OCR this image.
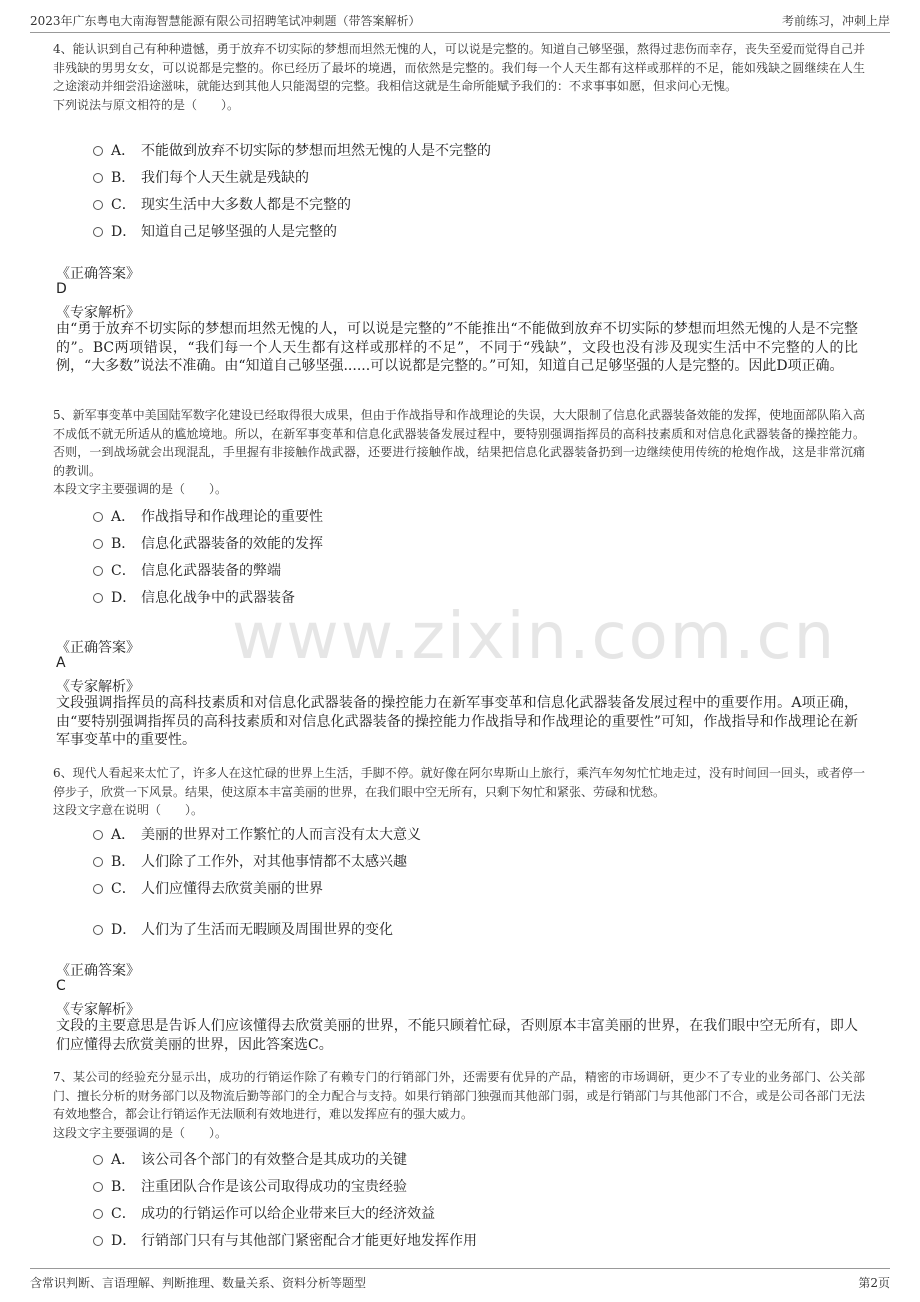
2023年广东粤电大南海智慧能源有限公司招聘笔试冲刺题（带答案解析）	考前练习，冲刺上岸
www.zixin.com.cn

4、能认识到自己有种种遗憾，勇于放弃不切实际的梦想而坦然无愧的人，可以说是完整的。知道自己够坚强，熬得过悲伤而幸存，丧失至爱而觉得自己并非残缺的男男女女，可以说都是完整的。你已经历了最坏的境遇，而依然是完整的。我们每一个人天生都有这样或那样的不足，能如残缺之圆继续在人生之途滚动并细尝沿途滋味，就能达到其他人只能渴望的完整。我相信这就是生命所能赋予我们的：不求事事如愿，但求问心无愧。

下列说法与原文相符的是（　　）。

A． 不能做到放弃不切实际的梦想而坦然无愧的人是不完整的
B． 我们每个人天生就是残缺的
C． 现实生活中大多数人都是不完整的
D． 知道自己足够坚强的人是完整的
《正确答案》
D
《专家解析》

由“勇于放弃不切实际的梦想而坦然无愧的人，可以说是完整的”不能推出“不能做到放弃不切实际的梦想而坦然无愧的人是不完整的”。BC两项错误，“我们每一个人天生都有这样或那样的不足”，不同于“残缺”，文段也没有涉及现实生活中不完整的人的比例，“大多数”说法不准确。由“知道自己够坚强......可以说都是完整的。”可知，知道自己足够坚强的人是完整的。因此D项正确。

5、新军事变革中美国陆军数字化建设已经取得很大成果，但由于作战指导和作战理论的失误，大大限制了信息化武器装备效能的发挥，使地面部队陷入高不成低不就无所适从的尴尬境地。所以，在新军事变革和信息化武器装备发展过程中，要特别强调指挥员的高科技素质和对信息化武器装备的操控能力。否则，一到战场就会出现混乱，手里握有非接触作战武器，还要进行接触作战，结果把信息化武器装备扔到一边继续使用传统的枪炮作战，这是非常沉痛的教训。

本段文字主要强调的是（　　）。

A． 作战指导和作战理论的重要性
B． 信息化武器装备的效能的发挥
C． 信息化武器装备的弊端
D． 信息化战争中的武器装备
《正确答案》
A
《专家解析》

文段强调指挥员的高科技素质和对信息化武器装备的操控能力在新军事变革和信息化武器装备发展过程中的重要作用。A项正确，由“要特别强调指挥员的高科技素质和对信息化武器装备的操控能力作战指导和作战理论的重要性”可知，作战指导和作战理论在新军事变革中的重要性。

6、现代人看起来太忙了，许多人在这忙碌的世界上生活，手脚不停。就好像在阿尔卑斯山上旅行，乘汽车匆匆忙忙地走过，没有时间回一回头，或者停一停步子，欣赏一下风景。结果，使这原本丰富美丽的世界，在我们眼中空无所有，只剩下匆忙和紧张、劳碌和忧愁。

这段文字意在说明（　　）。

A． 美丽的世界对工作繁忙的人而言没有太大意义
B． 人们除了工作外，对其他事情都不太感兴趣
C． 人们应懂得去欣赏美丽的世界
D． 人们为了生活而无暇顾及周围世界的变化
《正确答案》
C
《专家解析》

文段的主要意思是告诉人们应该懂得去欣赏美丽的世界，不能只顾着忙碌，否则原本丰富美丽的世界，在我们眼中空无所有，即人们应懂得去欣赏美丽的世界，因此答案选C。

7、某公司的经验充分显示出，成功的行销运作除了有赖专门的行销部门外，还需要有优异的产品，精密的市场调研，更少不了专业的业务部门、公关部门、擅长分析的财务部门以及物流后勤等部门的全力配合与支持。如果行销部门独强而其他部门弱，或是行销部门与其他部门不合，或是公司各部门无法有效地整合，都会让行销运作无法顺利有效地进行，难以发挥应有的强大威力。

这段文字主要强调的是（　　）。

A． 该公司各个部门的有效整合是其成功的关键
B． 注重团队合作是该公司取得成功的宝贵经验
C． 成功的行销运作可以给企业带来巨大的经济效益
D． 行销部门只有与其他部门紧密配合才能更好地发挥作用
含常识判断、言语理解、判断推理、数量关系、资料分析等题型	第2页
